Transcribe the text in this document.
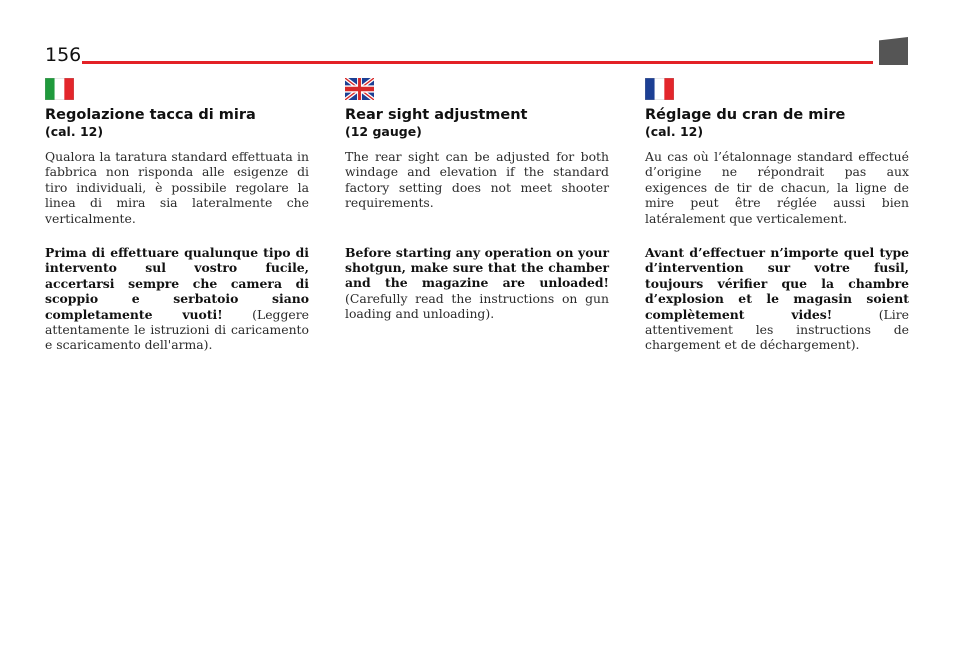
156
Regolazione tacca di mira
(cal. 12)

Qualora la taratura standard effettuata in fabbrica non risponda alle esigenze di tiro individuali, è possibile regolare la linea di mira sia lateralmente che verticalmente.

Prima di effettuare qualunque tipo di intervento sul vostro fucile, accertarsi sempre che camera di scoppio e serbatoio siano completamente vuoti! (Leggere attentamente le istruzioni di caricamento e scaricamento dell'arma).

Rear sight adjustment
(12 gauge)

The rear sight can be adjusted for both windage and elevation if the standard factory setting does not meet shooter requirements.

Before starting any operation on your shotgun, make sure that the chamber and the magazine are unloaded! (Carefully read the instructions on gun loading and unloading).

Réglage du cran de mire
(cal. 12)

Au cas où l’étalonnage standard effectué d’origine ne répondrait pas aux exigences de tir de chacun, la ligne de mire peut être réglée aussi bien latéralement que verticalement.

Avant d’effectuer n’importe quel type d’intervention sur votre fusil, toujours vérifier que la chambre d’explosion et le magasin soient complètement vides! (Lire attentivement les instructions de chargement et de déchargement).
